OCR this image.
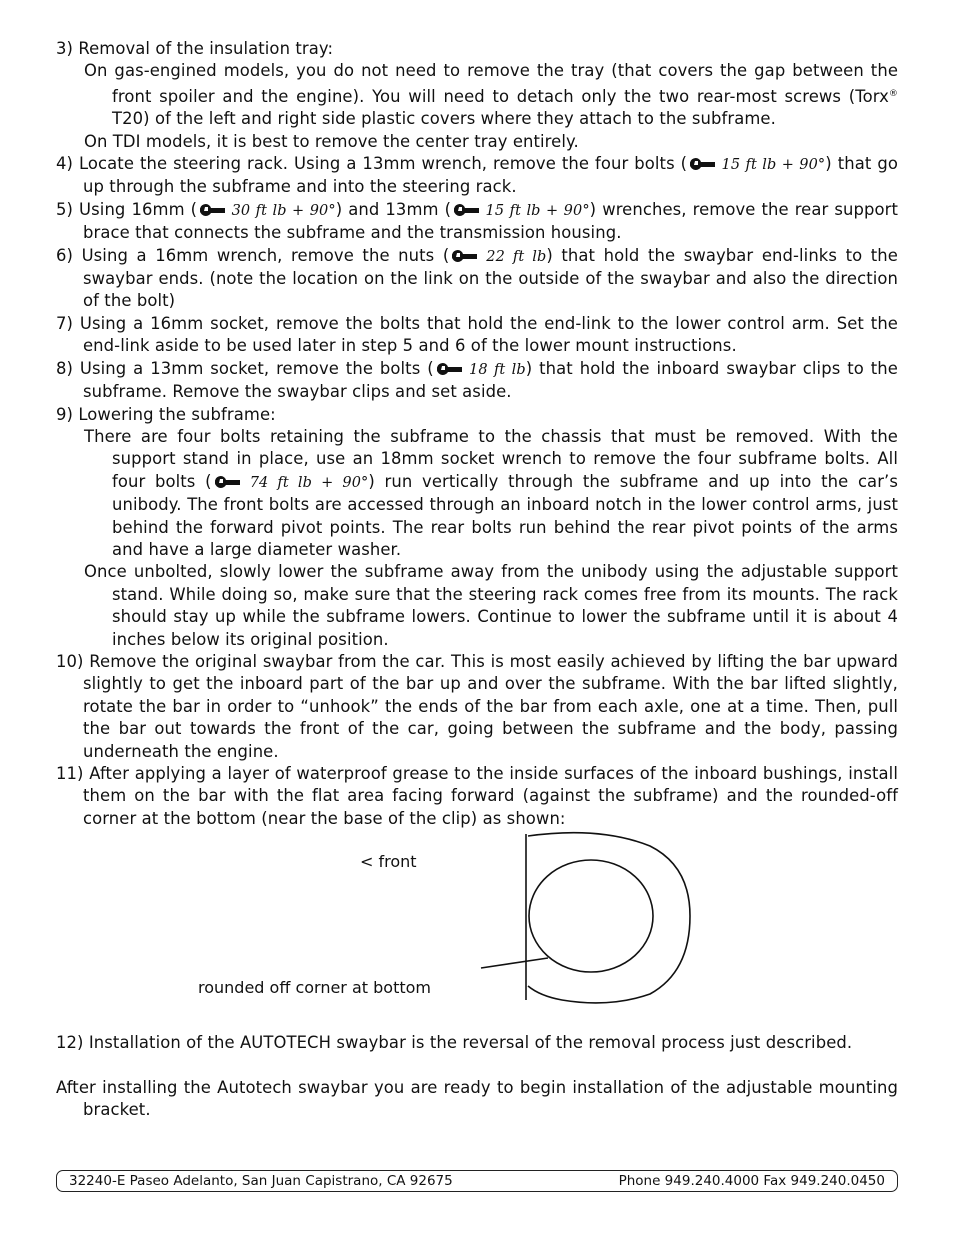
3) Removal of the insulation tray:
On gas-engined models, you do not need to remove the tray (that covers the gap between the front spoiler and the engine). You will need to detach only the two rear-most screws (Torx® T20) of the left and right side plastic covers where they attach to the subframe.
On TDI models, it is best to remove the center tray entirely.
4) Locate the steering rack. Using a 13mm wrench, remove the four bolts (
15 ft lb + 90°) that go up through the subframe and into the steering rack.
5) Using 16mm (
30 ft lb + 90°) and 13mm (
15 ft lb + 90°) wrenches, remove the rear support brace that connects the subframe and the transmission housing.
6) Using a 16mm wrench, remove the nuts (
22 ft lb) that hold the swaybar end-links to the swaybar ends. (note the location on the link on the outside of the swaybar and also the direction of the bolt)
7) Using a 16mm socket, remove the bolts that hold the end-link to the lower control arm. Set the end-link aside to be used later in step 5 and 6 of the lower mount instructions.
8) Using a 13mm socket, remove the bolts (
18 ft lb) that hold the inboard swaybar clips to the subframe. Remove the swaybar clips and set aside.
9) Lowering the subframe:
There are four bolts retaining the subframe to the chassis that must be removed. With the support stand in place, use an 18mm socket wrench to remove the four subframe bolts. All four bolts (
74 ft lb + 90°) run vertically through the subframe and up into the car’s unibody. The front bolts are accessed through an inboard notch in the lower control arms, just behind the forward pivot points. The rear bolts run behind the rear pivot points of the arms and have a large diameter washer.
Once unbolted, slowly lower the subframe away from the unibody using the adjustable support stand. While doing so, make sure that the steering rack comes free from its mounts. The rack should stay up while the subframe lowers. Continue to lower the subframe until it is about 4 inches below its original position.
10) Remove the original swaybar from the car. This is most easily achieved by lifting the bar upward slightly to get the inboard part of the bar up and over the subframe. With the bar lifted slightly, rotate the bar in order to “unhook” the ends of the bar from each axle, one at a time. Then, pull the bar out towards the front of the car, going between the subframe and the body, passing underneath the engine.
11) After applying a layer of waterproof grease to the inside surfaces of the inboard bushings, install them on the bar with the flat area facing forward (against the subframe) and the rounded-off corner at the bottom (near the base of the clip) as shown:
12) Installation of the AUTOTECH swaybar is the reversal of the removal process just described.
After installing the Autotech swaybar you are ready to begin installation of the adjustable mounting bracket.
< front
rounded off corner at bottom
32240-E Paseo Adelanto, San Juan Capistrano, CA 92675	Phone 949.240.4000 Fax 949.240.0450
